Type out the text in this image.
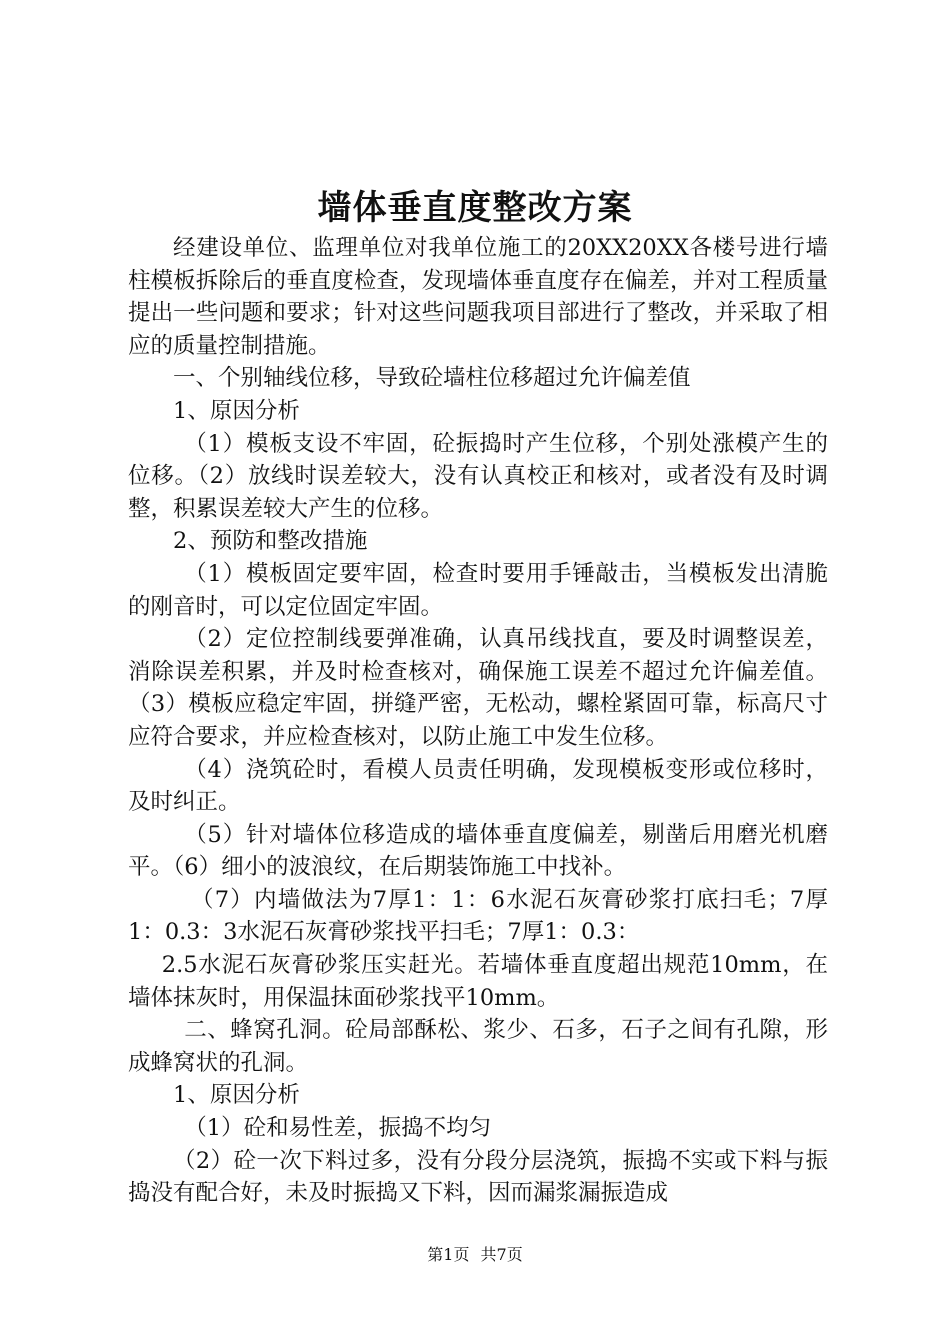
墙体垂直度整改方案

经建设单位、监理单位对我单位施工的20XX20XX各楼号进行墙柱模板拆除后的垂直度检查，发现墙体垂直度存在偏差，并对工程质量提出一些问题和要求；针对这些问题我项目部进行了整改，并采取了相应的质量控制措施。

一、个别轴线位移，导致砼墙柱位移超过允许偏差值

1、原因分析

（1）模板支设不牢固，砼振捣时产生位移，个别处涨模产生的位移。（2）放线时误差较大，没有认真校正和核对，或者没有及时调整，积累误差较大产生的位移。

2、预防和整改措施

（1）模板固定要牢固，检查时要用手锤敲击，当模板发出清脆的刚音时，可以定位固定牢固。

（2）定位控制线要弹准确，认真吊线找直，要及时调整误差，消除误差积累，并及时检查核对，确保施工误差不超过允许偏差值。（3）模板应稳定牢固，拼缝严密，无松动，螺栓紧固可靠，标高尺寸应符合要求，并应检查核对，以防止施工中发生位移。

（4）浇筑砼时，看模人员责任明确，发现模板变形或位移时，及时纠正。

（5）针对墙体位移造成的墙体垂直度偏差，剔凿后用磨光机磨平。（6）细小的波浪纹，在后期装饰施工中找补。

（7）内墙做法为7厚1：1：6水泥石灰膏砂浆打底扫毛；7厚1：0.3：3水泥石灰膏砂浆找平扫毛；7厚1：0.3：

2.5水泥石灰膏砂浆压实赶光。若墙体垂直度超出规范10mm，在墙体抹灰时，用保温抹面砂浆找平10mm。

二、蜂窝孔洞。砼局部酥松、浆少、石多，石子之间有孔隙，形成蜂窝状的孔洞。

1、原因分析

（1）砼和易性差，振捣不均匀

（2）砼一次下料过多，没有分段分层浇筑，振捣不实或下料与振捣没有配合好，未及时振捣又下料，因而漏浆漏振造成

第1页 共7页
